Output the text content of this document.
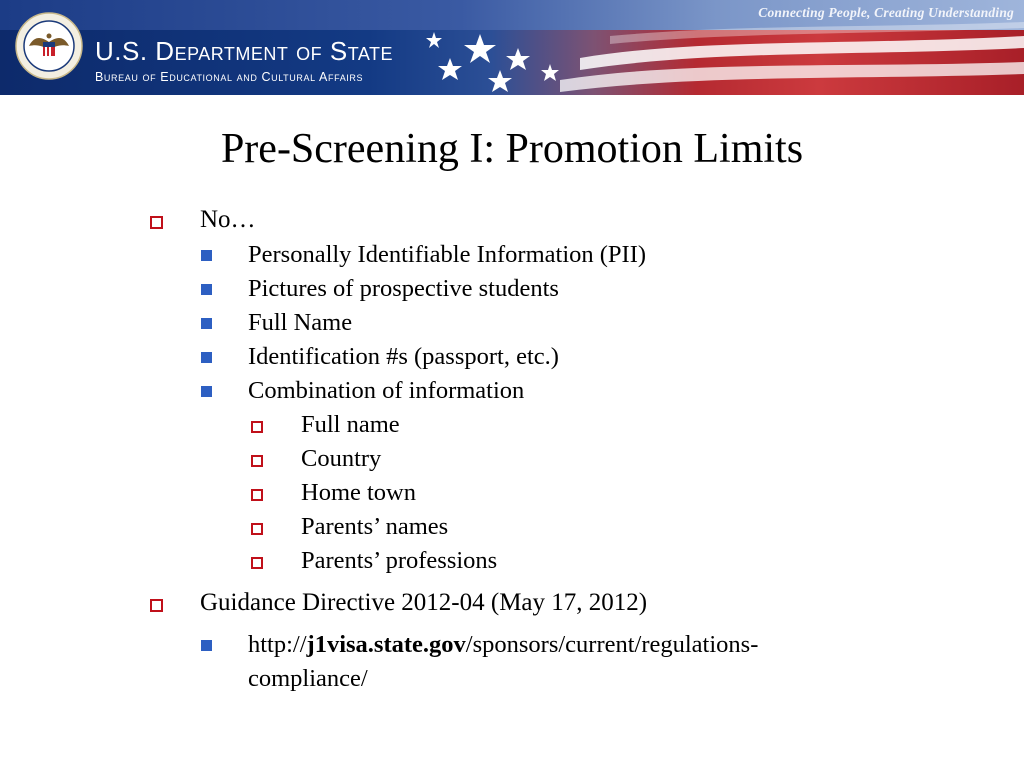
Connecting People, Creating Understanding
U.S. Department of State
Bureau of Educational and Cultural Affairs
Pre-Screening I: Promotion Limits
No…
Personally Identifiable Information (PII)
Pictures of prospective students
Full Name
Identification #s (passport, etc.)
Combination of information
Full name
Country
Home town
Parents’ names
Parents’ professions
Guidance Directive 2012-04 (May 17, 2012)
http://j1visa.state.gov/sponsors/current/regulations-
compliance/
